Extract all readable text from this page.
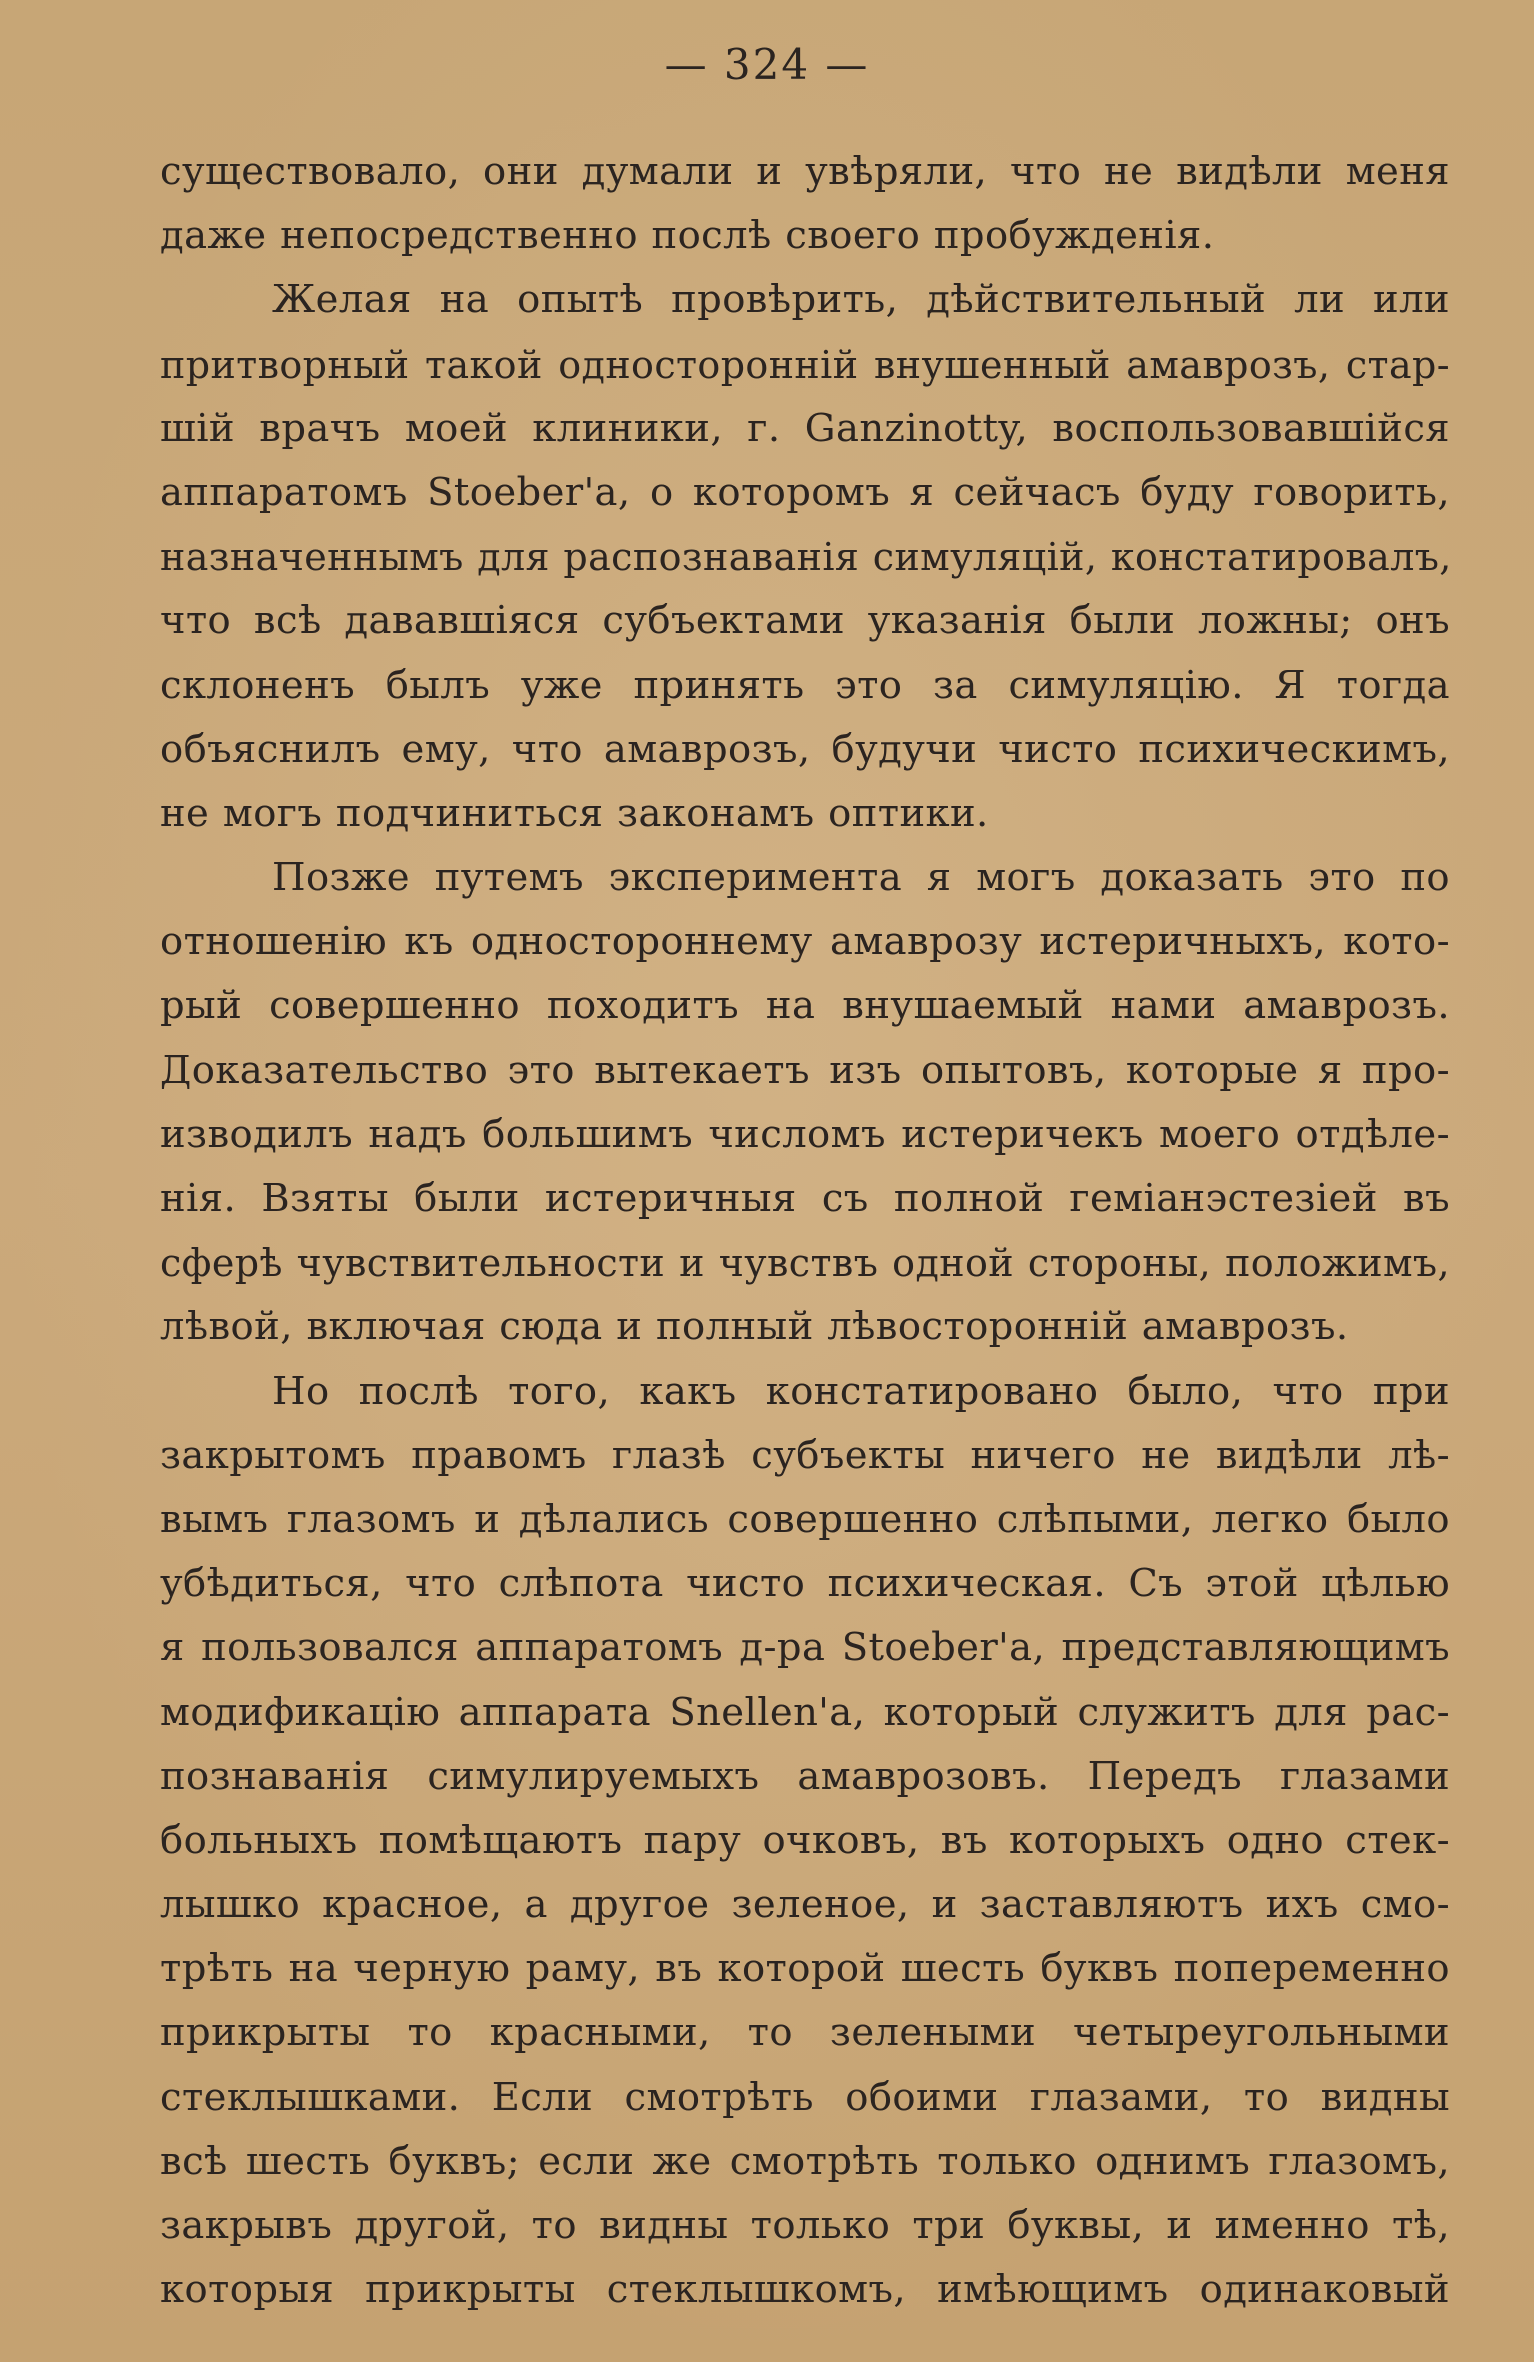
— 324 —
существовало, они думали и увѣряли, что не видѣли меня
даже непосредственно послѣ своего пробужденія.
Желая на опытѣ провѣрить, дѣйствительный ли или
притворный такой односторонній внушенный амаврозъ, стар-
шій врачъ моей клиники, г. Ganzinotty, воспользовавшійся
аппаратомъ Stoeber'а, о которомъ я сейчасъ буду говорить,
назначеннымъ для распознаванія симуляцій, констатировалъ,
что всѣ дававшіяся субъектами указанія были ложны; онъ
склоненъ былъ уже принять это за симуляцію. Я тогда
объяснилъ ему, что амаврозъ, будучи чисто психическимъ,
не могъ подчиниться законамъ оптики.
Позже путемъ эксперимента я могъ доказать это по
отношенію къ одностороннему амаврозу истеричныхъ, кото-
рый совершенно походитъ на внушаемый нами амаврозъ.
Доказательство это вытекаетъ изъ опытовъ, которые я про-
изводилъ надъ большимъ числомъ истеричекъ моего отдѣле-
нія. Взяты были истеричныя съ полной геміанэстезіей въ
сферѣ чувствительности и чувствъ одной стороны, положимъ,
лѣвой, включая сюда и полный лѣвосторонній амаврозъ.
Но послѣ того, какъ констатировано было, что при
закрытомъ правомъ глазѣ субъекты ничего не видѣли лѣ-
вымъ глазомъ и дѣлались совершенно слѣпыми, легко было
убѣдиться, что слѣпота чисто психическая. Съ этой цѣлью
я пользовался аппаратомъ д-ра Stoeber'а, представляющимъ
модификацію аппарата Snellen'а, который служитъ для рас-
познаванія симулируемыхъ амаврозовъ. Передъ глазами
больныхъ помѣщаютъ пару очковъ, въ которыхъ одно стек-
лышко красное, а другое зеленое, и заставляютъ ихъ смо-
трѣть на черную раму, въ которой шесть буквъ попеременно
прикрыты то красными, то зелеными четыреугольными
стеклышками. Если смотрѣть обоими глазами, то видны
всѣ шесть буквъ; если же смотрѣть только однимъ глазомъ,
закрывъ другой, то видны только три буквы, и именно тѣ,
которыя прикрыты стеклышкомъ, имѣющимъ одинаковый
